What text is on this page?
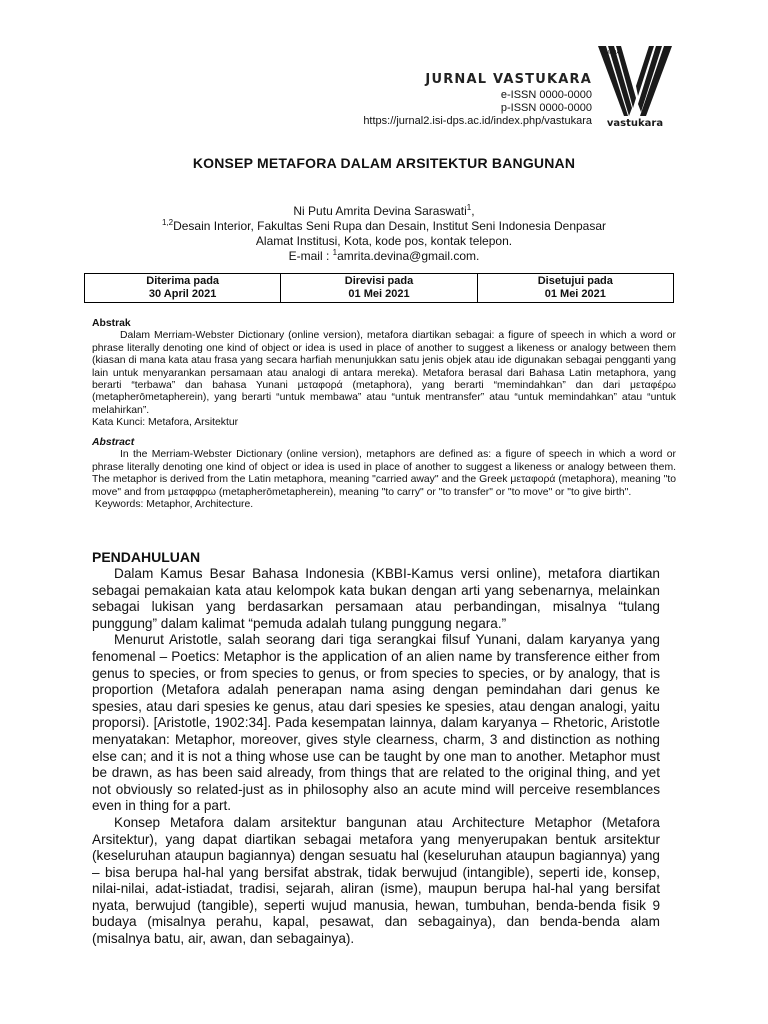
JURNAL VASTUKARA
e-ISSN 0000-0000
p-ISSN 0000-0000
https://jurnal2.isi-dps.ac.id/index.php/vastukara
JURNAL
vastukara
KONSEP METAFORA DALAM ARSITEKTUR BANGUNAN
Ni Putu Amrita Devina Saraswati$^1$,
$^{1,2}$Desain Interior, Fakultas Seni Rupa dan Desain, Institut Seni Indonesia Denpasar
Alamat Institusi, Kota, kode pos, kontak telepon.
E-mail : $^1$amrita.devina@gmail.com.
Diterima pada
30 April 2021
Direvisi pada
01 Mei 2021
Disetujui pada
01 Mei 2021
Abstrak

Dalam Merriam-Webster Dictionary (online version), metafora diartikan sebagai: a figure of speech in which a word or phrase literally denoting one kind of object or idea is used in place of another to suggest a likeness or analogy between them (kiasan di mana kata atau frasa yang secara harfiah menunjukkan satu jenis objek atau ide digunakan sebagai pengganti yang lain untuk menyarankan persamaan atau analogi di antara mereka). Metafora berasal dari Bahasa Latin metaphora, yang berarti “terbawa” dan bahasa Yunani μεταφορά (metaphora), yang berarti “memindahkan” dan dari μεταφέρω (metapherōmetapherein), yang berarti “untuk membawa” atau “untuk mentransfer” atau “untuk memindahkan” atau “untuk melahirkan”.

Kata Kunci: Metafora, Arsitektur

Abstract

In the Merriam-Webster Dictionary (online version), metaphors are defined as: a figure of speech in which a word or phrase literally denoting one kind of object or idea is used in place of another to suggest a likeness or analogy between them. The metaphor is derived from the Latin metaphora, meaning "carried away" and the Greek μεταφορά (metaphora), meaning "to move" and from μεταφφρω (metapherōmetapherein), meaning "to carry" or "to transfer" or "to move" or "to give birth".

Keywords: Metaphor, Architecture.

PENDAHULUAN

Dalam Kamus Besar Bahasa Indonesia (KBBI-Kamus versi online), metafora diartikan sebagai pemakaian kata atau kelompok kata bukan dengan arti yang sebenarnya, melainkan sebagai lukisan yang berdasarkan persamaan atau perbandingan, misalnya “tulang punggung” dalam kalimat “pemuda adalah tulang punggung negara.”

Menurut Aristotle, salah seorang dari tiga serangkai filsuf Yunani, dalam karyanya yang fenomenal – Poetics: Metaphor is the application of an alien name by transference either from genus to species, or from species to genus, or from species to species, or by analogy, that is proportion (Metafora adalah penerapan nama asing dengan pemindahan dari genus ke spesies, atau dari spesies ke genus, atau dari spesies ke spesies, atau dengan analogi, yaitu proporsi). [Aristotle, 1902:34]. Pada kesempatan lainnya, dalam karyanya – Rhetoric, Aristotle menyatakan: Metaphor, moreover, gives style clearness, charm, 3 and distinction as nothing else can; and it is not a thing whose use can be taught by one man to another. Metaphor must be drawn, as has been said already, from things that are related to the original thing, and yet not obviously so related-just as in philosophy also an acute mind will perceive resemblances even in thing for a part.

Konsep Metafora dalam arsitektur bangunan atau Architecture Metaphor (Metafora Arsitektur), yang dapat diartikan sebagai metafora yang menyerupakan bentuk arsitektur (keseluruhan ataupun bagiannya) dengan sesuatu hal (keseluruhan ataupun bagiannya) yang – bisa berupa hal-hal yang bersifat abstrak, tidak berwujud (intangible), seperti ide, konsep, nilai-nilai, adat-istiadat, tradisi, sejarah, aliran (isme), maupun berupa hal-hal yang bersifat nyata, berwujud (tangible), seperti wujud manusia, hewan, tumbuhan, benda-benda fisik 9 budaya (misalnya perahu, kapal, pesawat, dan sebagainya), dan benda-benda alam (misalnya batu, air, awan, dan sebagainya).
